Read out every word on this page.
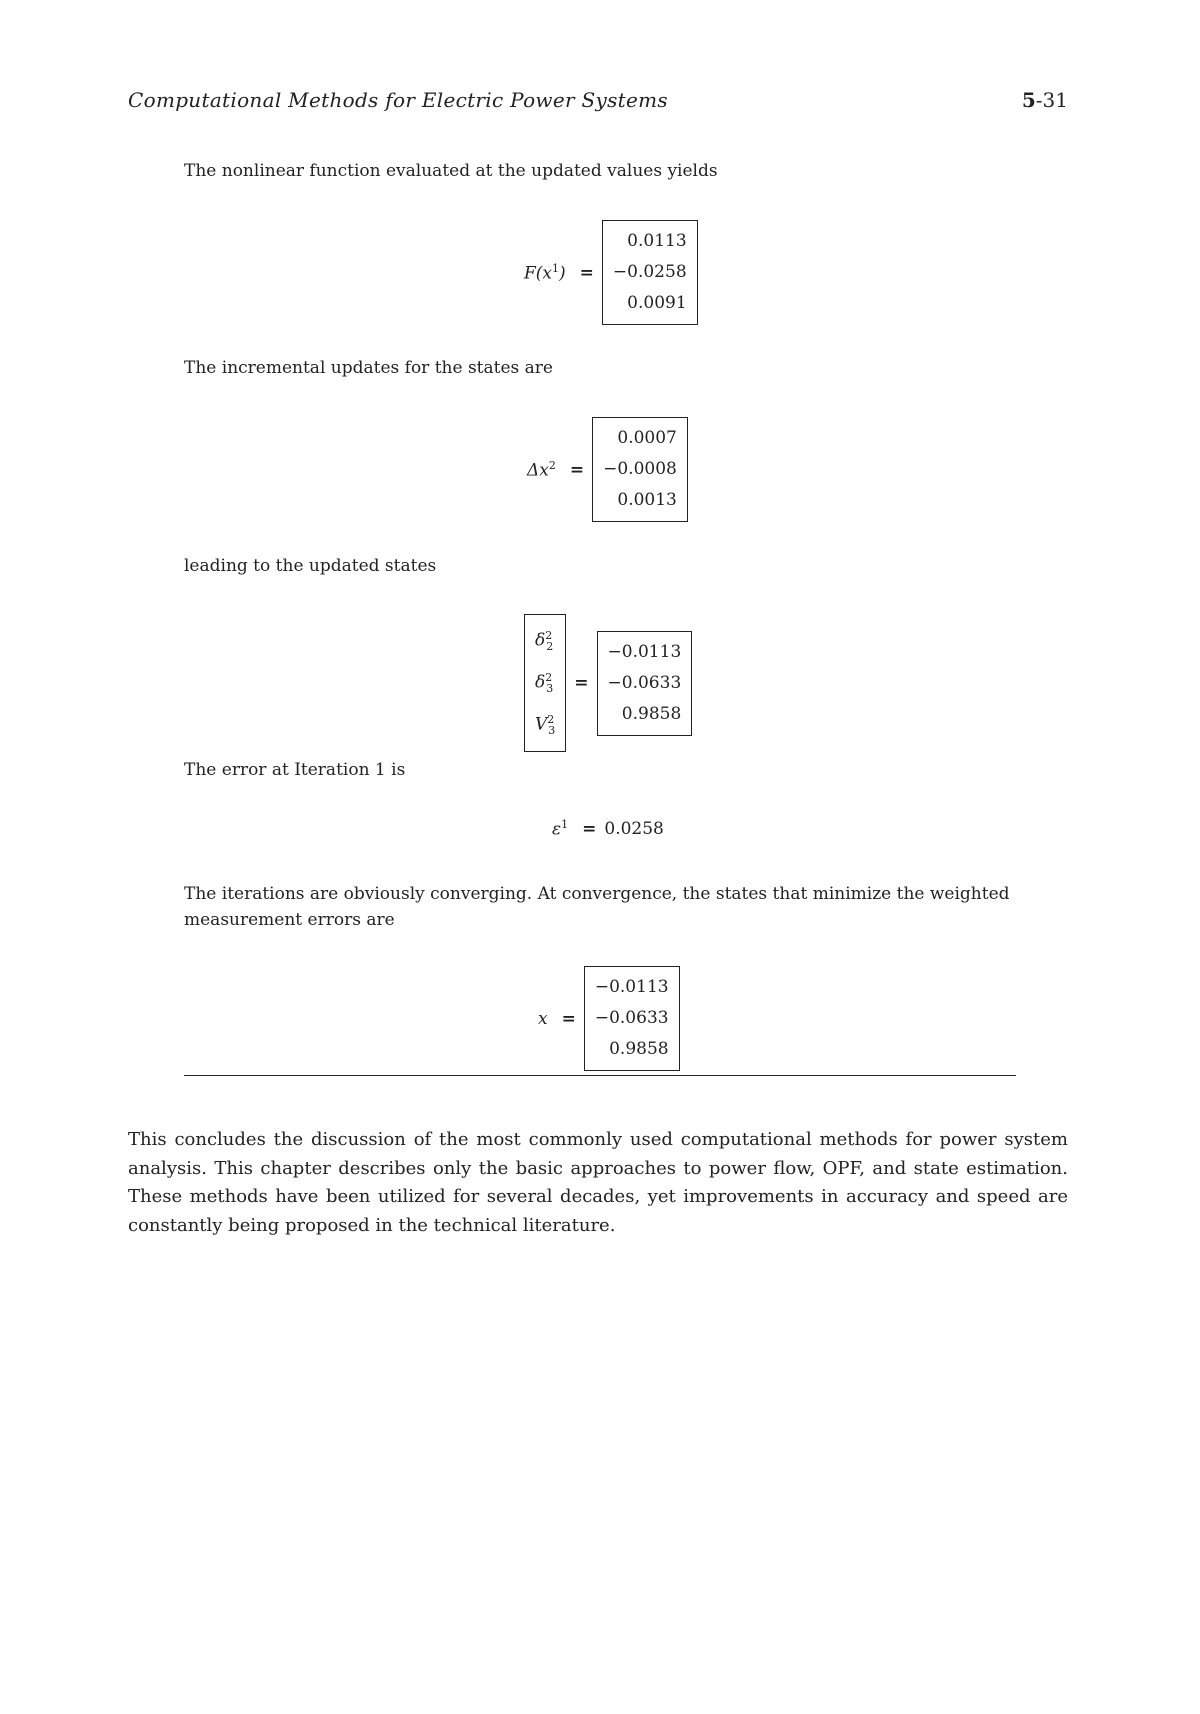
Computational Methods for Electric Power Systems	5-31
The nonlinear function evaluated at the updated values yields
$F(x^1)$ =
0.0113
−0.0258
0.0091
The incremental updates for the states are
$\Delta x^2$ =
0.0007
−0.0008
0.0013
leading to the updated states
$\delta^2_2$
$\delta^2_3$
$V^2_3$
=
−0.0113
−0.0633
0.9858
The error at Iteration 1 is
$\varepsilon^1 = 0.0258$
The iterations are obviously converging. At convergence, the states that minimize the weighted measurement errors are
x =
−0.0113
−0.0633
0.9858
This concludes the discussion of the most commonly used computational methods for power system analysis. This chapter describes only the basic approaches to power flow, OPF, and state estimation. These methods have been utilized for several decades, yet improvements in accuracy and speed are constantly being proposed in the technical literature.
